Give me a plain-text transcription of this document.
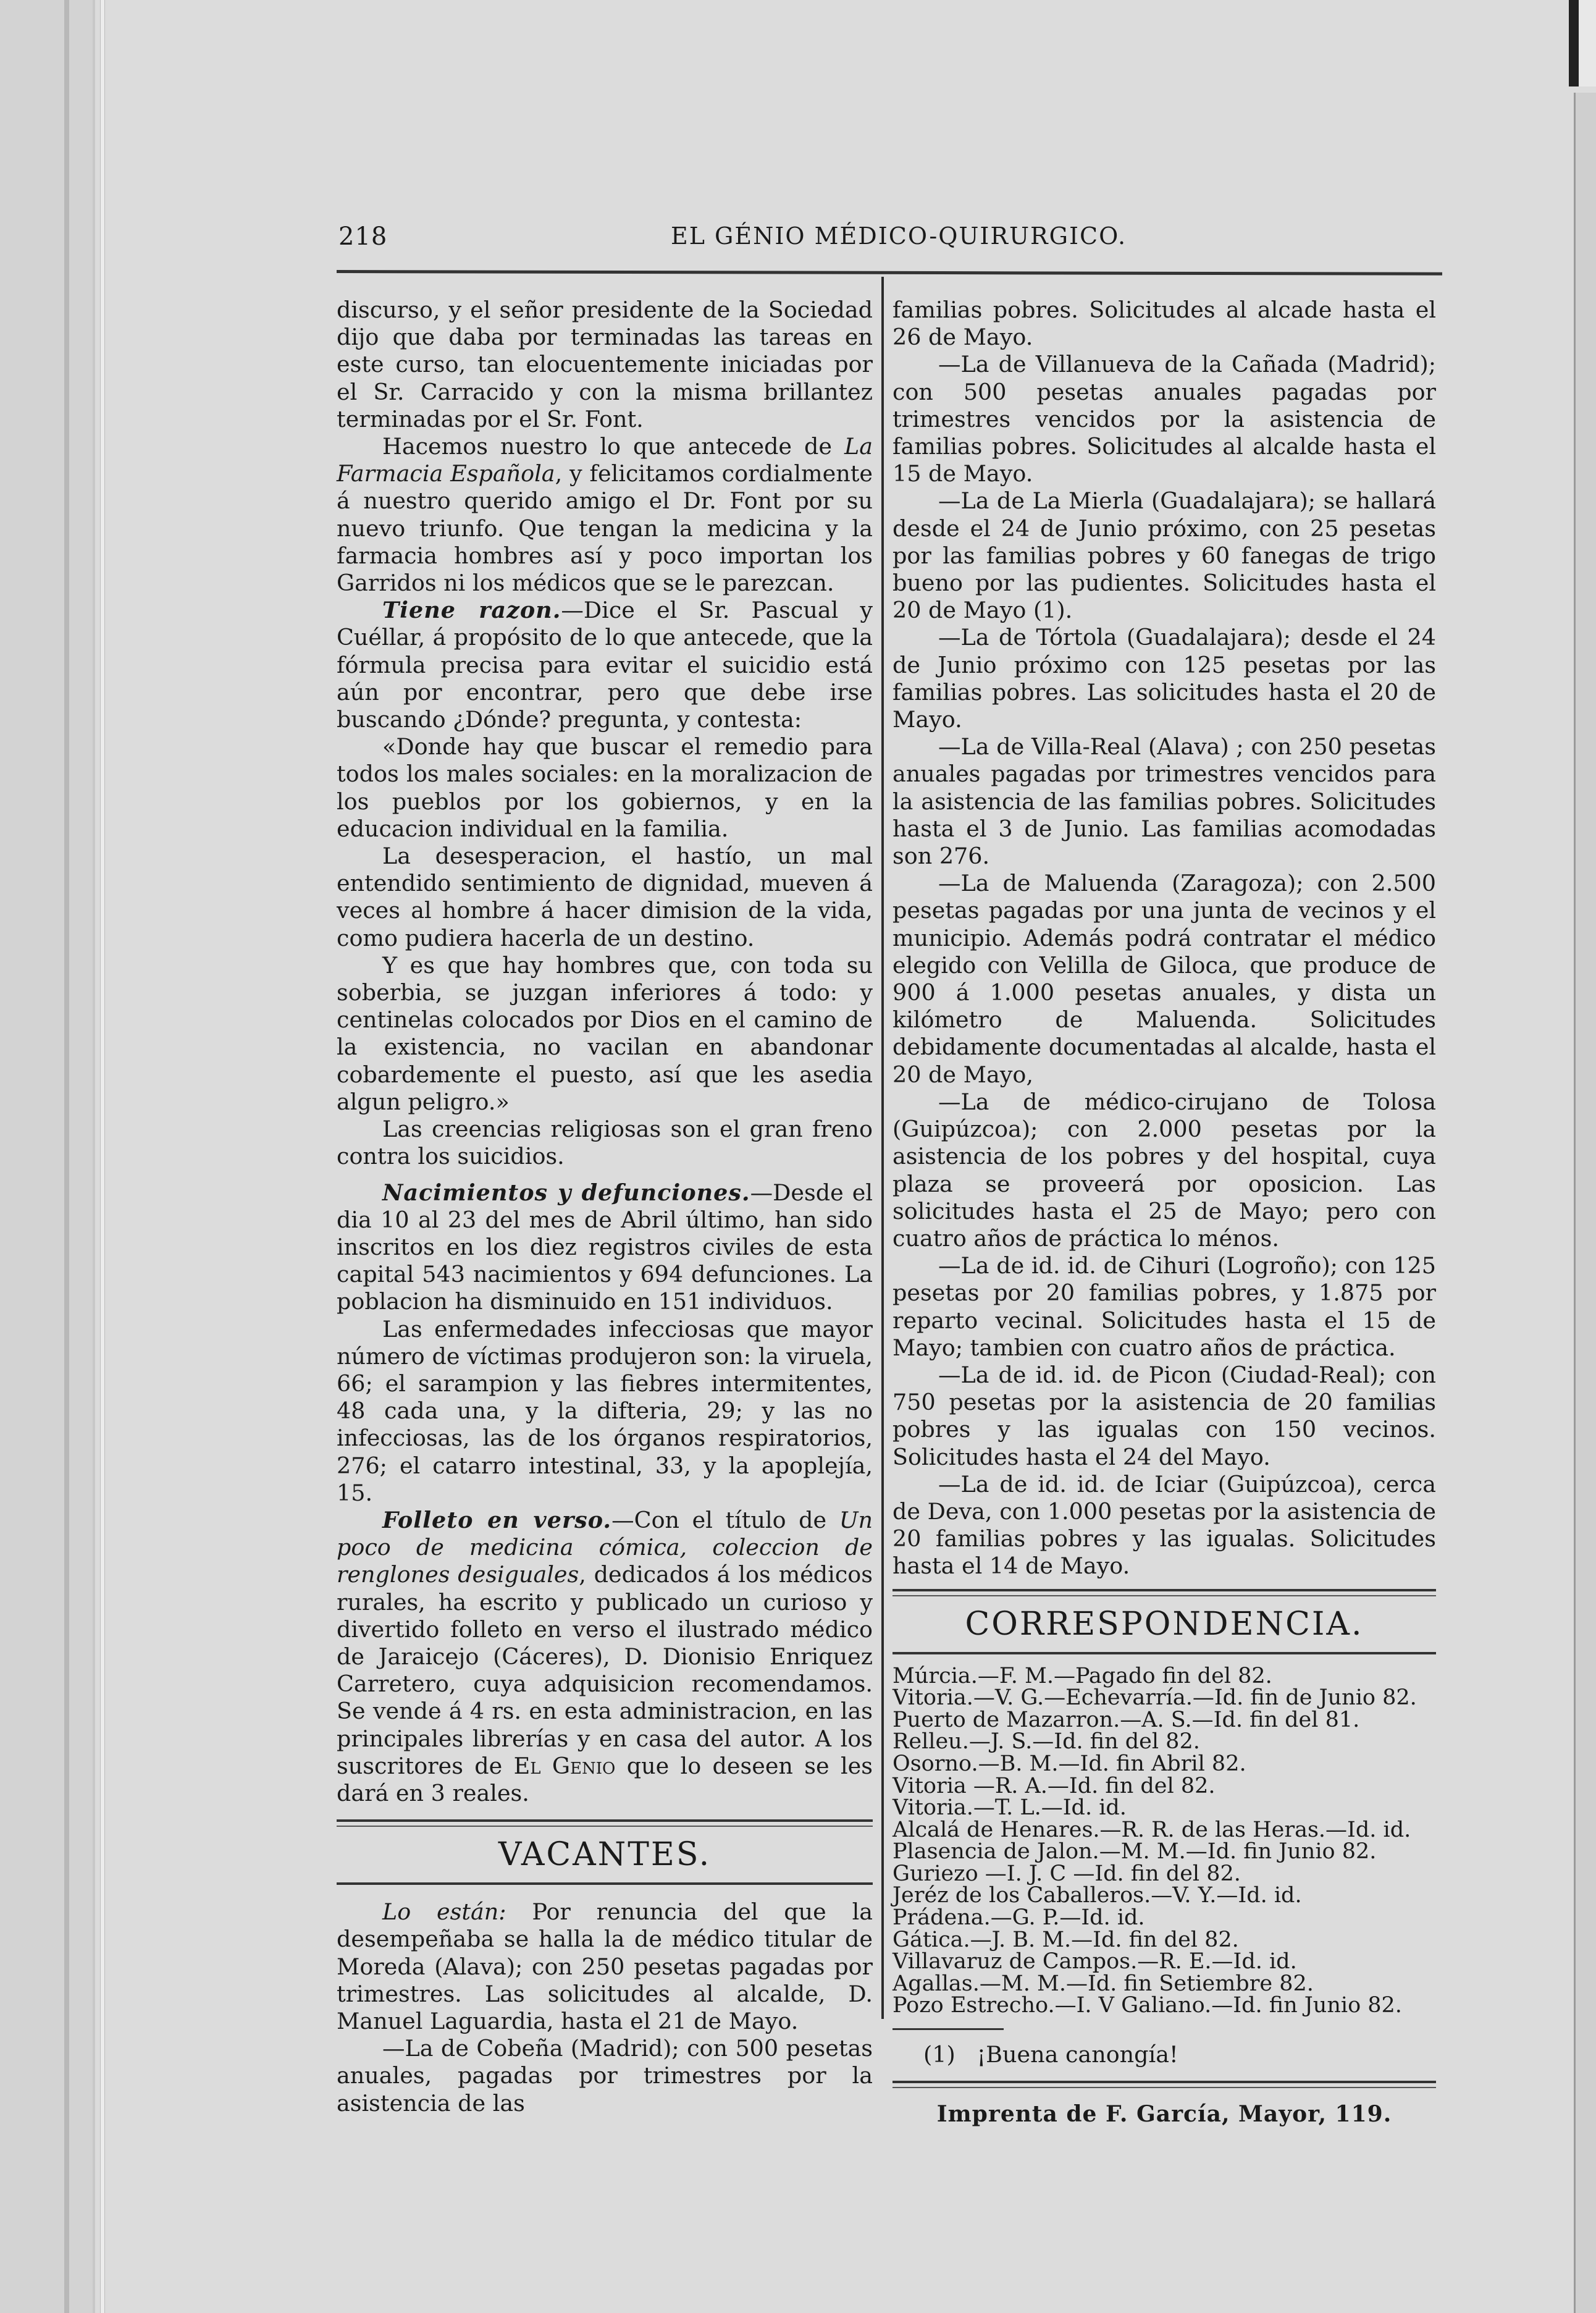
218	EL GÉNIO MÉDICO-QUIRURGICO.

discurso, y el señor presidente de la Sociedad dijo que daba por terminadas las tareas en este curso, tan elocuentemente iniciadas por el Sr. Carracido y con la misma brillantez terminadas por el Sr. Font.

Hacemos nuestro lo que antecede de La Farmacia Española, y felicitamos cordialmente á nuestro querido amigo el Dr. Font por su nuevo triunfo. Que tengan la medicina y la farmacia hombres así y poco importan los Garridos ni los médicos que se le parezcan.

Tiene razon.—Dice el Sr. Pascual y Cuéllar, á propósito de lo que antecede, que la fórmula precisa para evitar el suicidio está aún por encontrar, pero que debe irse buscando ¿Dónde? pregunta, y contesta:

«Donde hay que buscar el remedio para todos los males sociales: en la moralizacion de los pueblos por los gobiernos, y en la educacion individual en la familia.

La desesperacion, el hastío, un mal entendido sentimiento de dignidad, mueven á veces al hombre á hacer dimision de la vida, como pudiera hacerla de un destino.

Y es que hay hombres que, con toda su soberbia, se juzgan inferiores á todo: y centinelas colocados por Dios en el camino de la existencia, no vacilan en abandonar cobardemente el puesto, así que les asedia algun peligro.»

Las creencias religiosas son el gran freno contra los suicidios.

Nacimientos y defunciones.—Desde el dia 10 al 23 del mes de Abril último, han sido inscritos en los diez registros civiles de esta capital 543 nacimientos y 694 defunciones. La poblacion ha disminuido en 151 individuos.

Las enfermedades infecciosas que mayor número de víctimas produjeron son: la viruela, 66; el sarampion y las fiebres intermitentes, 48 cada una, y la difteria, 29; y las no infecciosas, las de los órganos respiratorios, 276; el catarro intestinal, 33, y la apoplejía, 15.

Folleto en verso.—Con el título de Un poco de medicina cómica, coleccion de renglones desiguales, dedicados á los médicos rurales, ha escrito y publicado un curioso y divertido folleto en verso el ilustrado médico de Jaraicejo (Cáceres), D. Dionisio Enriquez Carretero, cuya adquisicion recomendamos. Se vende á 4 rs. en esta administracion, en las principales librerías y en casa del autor. A los suscritores de El Genio que lo deseen se les dará en 3 reales.

VACANTES.

Lo están: Por renuncia del que la desempeñaba se halla la de médico titular de Moreda (Alava); con 250 pesetas pagadas por trimestres. Las solicitudes al alcalde, D. Manuel Laguardia, hasta el 21 de Mayo.

—La de Cobeña (Madrid); con 500 pesetas anuales, pagadas por trimestres por la asistencia de las

familias pobres. Solicitudes al alcade hasta el 26 de Mayo.

—La de Villanueva de la Cañada (Madrid); con 500 pesetas anuales pagadas por trimestres vencidos por la asistencia de familias pobres. Solicitudes al alcalde hasta el 15 de Mayo.

—La de La Mierla (Guadalajara); se hallará desde el 24 de Junio próximo, con 25 pesetas por las familias pobres y 60 fanegas de trigo bueno por las pudientes. Solicitudes hasta el 20 de Mayo (1).

—La de Tórtola (Guadalajara); desde el 24 de Junio próximo con 125 pesetas por las familias pobres. Las solicitudes hasta el 20 de Mayo.

—La de Villa-Real (Alava) ; con 250 pesetas anuales pagadas por trimestres vencidos para la asistencia de las familias pobres. Solicitudes hasta el 3 de Junio. Las familias acomodadas son 276.

—La de Maluenda (Zaragoza); con 2.500 pesetas pagadas por una junta de vecinos y el municipio. Además podrá contratar el médico elegido con Velilla de Giloca, que produce de 900 á 1.000 pesetas anuales, y dista un kilómetro de Maluenda. Solicitudes debidamente documentadas al alcalde, hasta el 20 de Mayo,

—La de médico-cirujano de Tolosa (Guipúzcoa); con 2.000 pesetas por la asistencia de los pobres y del hospital, cuya plaza se proveerá por oposicion. Las solicitudes hasta el 25 de Mayo; pero con cuatro años de práctica lo ménos.

—La de id. id. de Cihuri (Logroño); con 125 pesetas por 20 familias pobres, y 1.875 por reparto vecinal. Solicitudes hasta el 15 de Mayo; tambien con cuatro años de práctica.

—La de id. id. de Picon (Ciudad-Real); con 750 pesetas por la asistencia de 20 familias pobres y las igualas con 150 vecinos. Solicitudes hasta el 24 del Mayo.

—La de id. id. de Iciar (Guipúzcoa), cerca de Deva, con 1.000 pesetas por la asistencia de 20 familias pobres y las igualas. Solicitudes hasta el 14 de Mayo.

CORRESPONDENCIA.

Múrcia.—F. M.—Pagado fin del 82.

Vitoria.—V. G.—Echevarría.—Id. fin de Junio 82.

Puerto de Mazarron.—A. S.—Id. fin del 81.

Relleu.—J. S.—Id. fin del 82.

Osorno.—B. M.—Id. fin Abril 82.

Vitoria —R. A.—Id. fin del 82.

Vitoria.—T. L.—Id. id.

Alcalá de Henares.—R. R. de las Heras.—Id. id.

Plasencia de Jalon.—M. M.—Id. fin Junio 82.

Guriezo —I. J. C —Id. fin del 82.

Jeréz de los Caballeros.—V. Y.—Id. id.

Prádena.—G. P.—Id. id.

Gática.—J. B. M.—Id. fin del 82.

Villavaruz de Campos.—R. E.—Id. id.

Agallas.—M. M.—Id. fin Setiembre 82.

Pozo Estrecho.—I. V Galiano.—Id. fin Junio 82.

(1) ¡Buena canongía!

Imprenta de F. García, Mayor, 119.
